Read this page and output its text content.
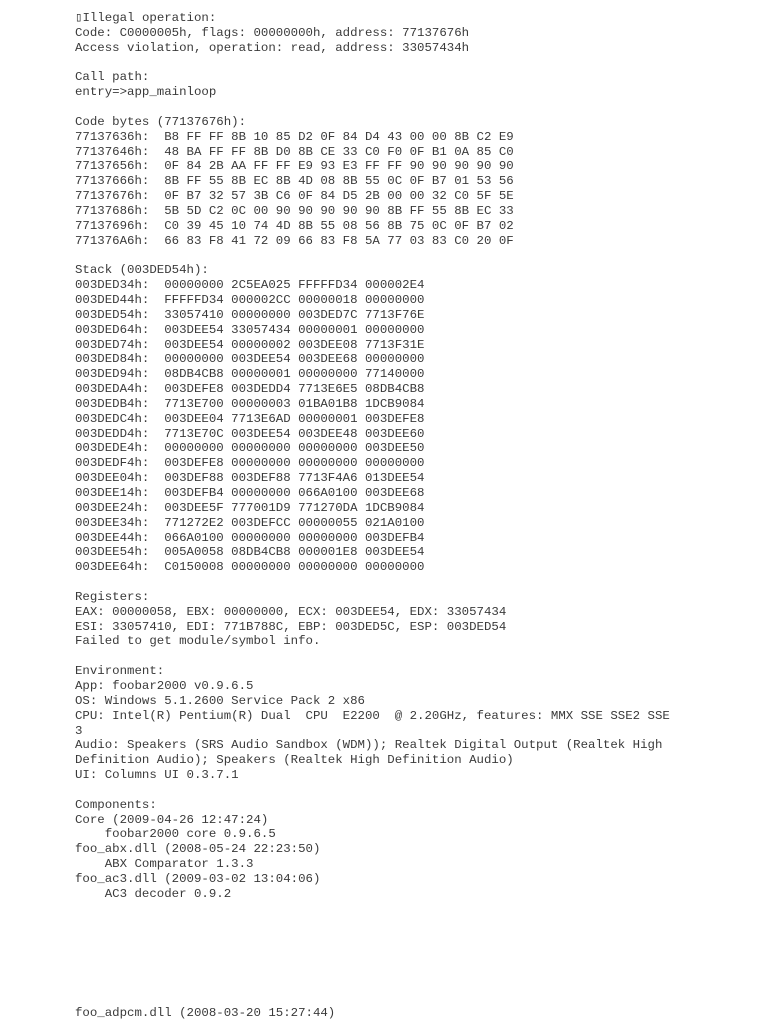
▯Illegal operation:
Code: C0000005h, flags: 00000000h, address: 77137676h
Access violation, operation: read, address: 33057434h
Call path:
entry=>app_mainloop
Code bytes (77137676h):
77137636h:  B8 FF FF 8B 10 85 D2 0F 84 D4 43 00 00 8B C2 E9
77137646h:  48 BA FF FF 8B D0 8B CE 33 C0 F0 0F B1 0A 85 C0
77137656h:  0F 84 2B AA FF FF E9 93 E3 FF FF 90 90 90 90 90
77137666h:  8B FF 55 8B EC 8B 4D 08 8B 55 0C 0F B7 01 53 56
77137676h:  0F B7 32 57 3B C6 0F 84 D5 2B 00 00 32 C0 5F 5E
77137686h:  5B 5D C2 0C 00 90 90 90 90 90 8B FF 55 8B EC 33
77137696h:  C0 39 45 10 74 4D 8B 55 08 56 8B 75 0C 0F B7 02
771376A6h:  66 83 F8 41 72 09 66 83 F8 5A 77 03 83 C0 20 0F
Stack (003DED54h):
003DED34h:  00000000 2C5EA025 FFFFFD34 000002E4
003DED44h:  FFFFFD34 000002CC 00000018 00000000
003DED54h:  33057410 00000000 003DED7C 7713F76E
003DED64h:  003DEE54 33057434 00000001 00000000
003DED74h:  003DEE54 00000002 003DEE08 7713F31E
003DED84h:  00000000 003DEE54 003DEE68 00000000
003DED94h:  08DB4CB8 00000001 00000000 77140000
003DEDA4h:  003DEFE8 003DEDD4 7713E6E5 08DB4CB8
003DEDB4h:  7713E700 00000003 01BA01B8 1DCB9084
003DEDC4h:  003DEE04 7713E6AD 00000001 003DEFE8
003DEDD4h:  7713E70C 003DEE54 003DEE48 003DEE60
003DEDE4h:  00000000 00000000 00000000 003DEE50
003DEDF4h:  003DEFE8 00000000 00000000 00000000
003DEE04h:  003DEF88 003DEF88 7713F4A6 013DEE54
003DEE14h:  003DEFB4 00000000 066A0100 003DEE68
003DEE24h:  003DEE5F 777001D9 771270DA 1DCB9084
003DEE34h:  771272E2 003DEFCC 00000055 021A0100
003DEE44h:  066A0100 00000000 00000000 003DEFB4
003DEE54h:  005A0058 08DB4CB8 000001E8 003DEE54
003DEE64h:  C0150008 00000000 00000000 00000000
Registers:
EAX: 00000058, EBX: 00000000, ECX: 003DEE54, EDX: 33057434
ESI: 33057410, EDI: 771B788C, EBP: 003DED5C, ESP: 003DED54
Failed to get module/symbol info.
Environment:
App: foobar2000 v0.9.6.5
OS: Windows 5.1.2600 Service Pack 2 x86
CPU: Intel(R) Pentium(R) Dual  CPU  E2200  @ 2.20GHz, features: MMX SSE SSE2 SSE
3
Audio: Speakers (SRS Audio Sandbox (WDM)); Realtek Digital Output (Realtek High
Definition Audio); Speakers (Realtek High Definition Audio)
UI: Columns UI 0.3.7.1
Components:
Core (2009-04-26 12:47:24)
foobar2000 core 0.9.6.5
foo_abx.dll (2008-05-24 22:23:50)
ABX Comparator 1.3.3
foo_ac3.dll (2009-03-02 13:04:06)
AC3 decoder 0.9.2
foo_adpcm.dll (2008-03-20 15:27:44)
